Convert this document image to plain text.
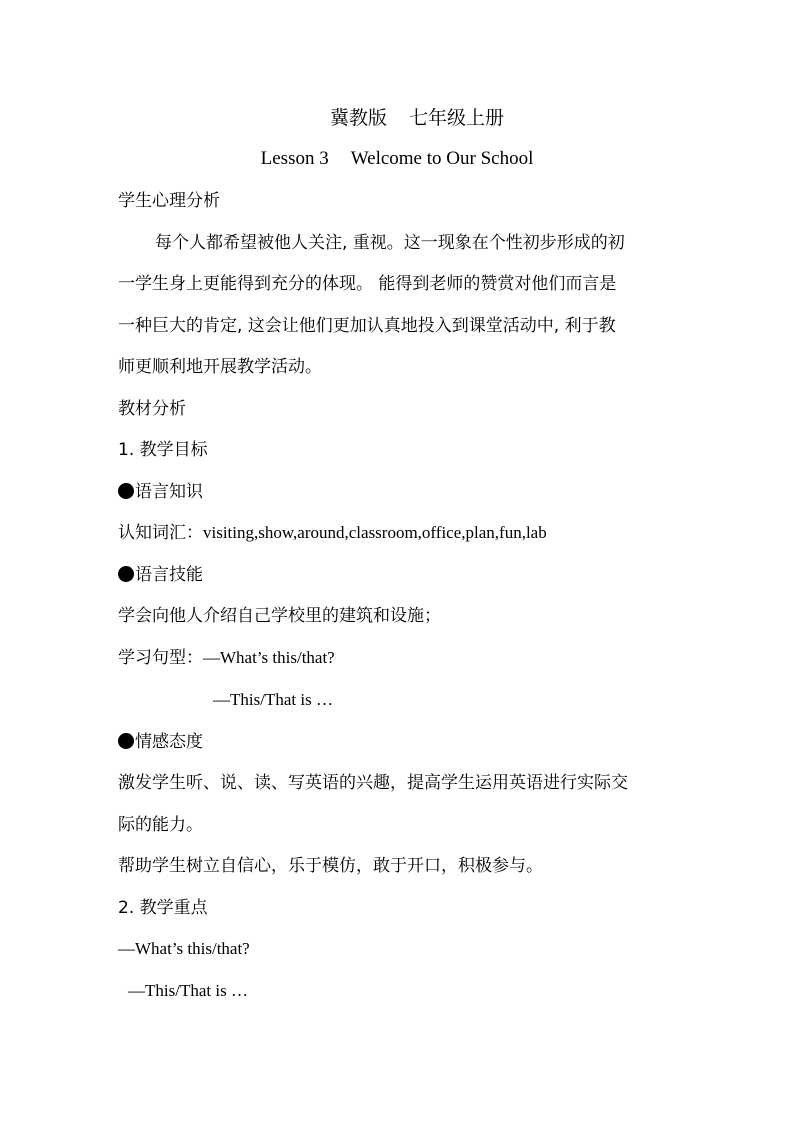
冀教版 七年级上册
Lesson 3 Welcome to Our School
学生心理分析
每个人都希望被他人关注, 重视。这一现象在个性初步形成的初
一学生身上更能得到充分的体现。 能得到老师的赞赏对他们而言是
一种巨大的肯定, 这会让他们更加认真地投入到课堂活动中, 利于教
师更顺利地开展教学活动。
教材分析
1. 教学目标
语言知识
认知词汇：visiting,show,around,classroom,office,plan,fun,lab
语言技能
学会向他人介绍自己学校里的建筑和设施；
学习句型：—What’s this/that?
—This/That is …
情感态度
激发学生听、说、读、写英语的兴趣，提高学生运用英语进行实际交
际的能力。
帮助学生树立自信心，乐于模仿，敢于开口，积极参与。
2. 教学重点
—What’s this/that?
—This/That is …
